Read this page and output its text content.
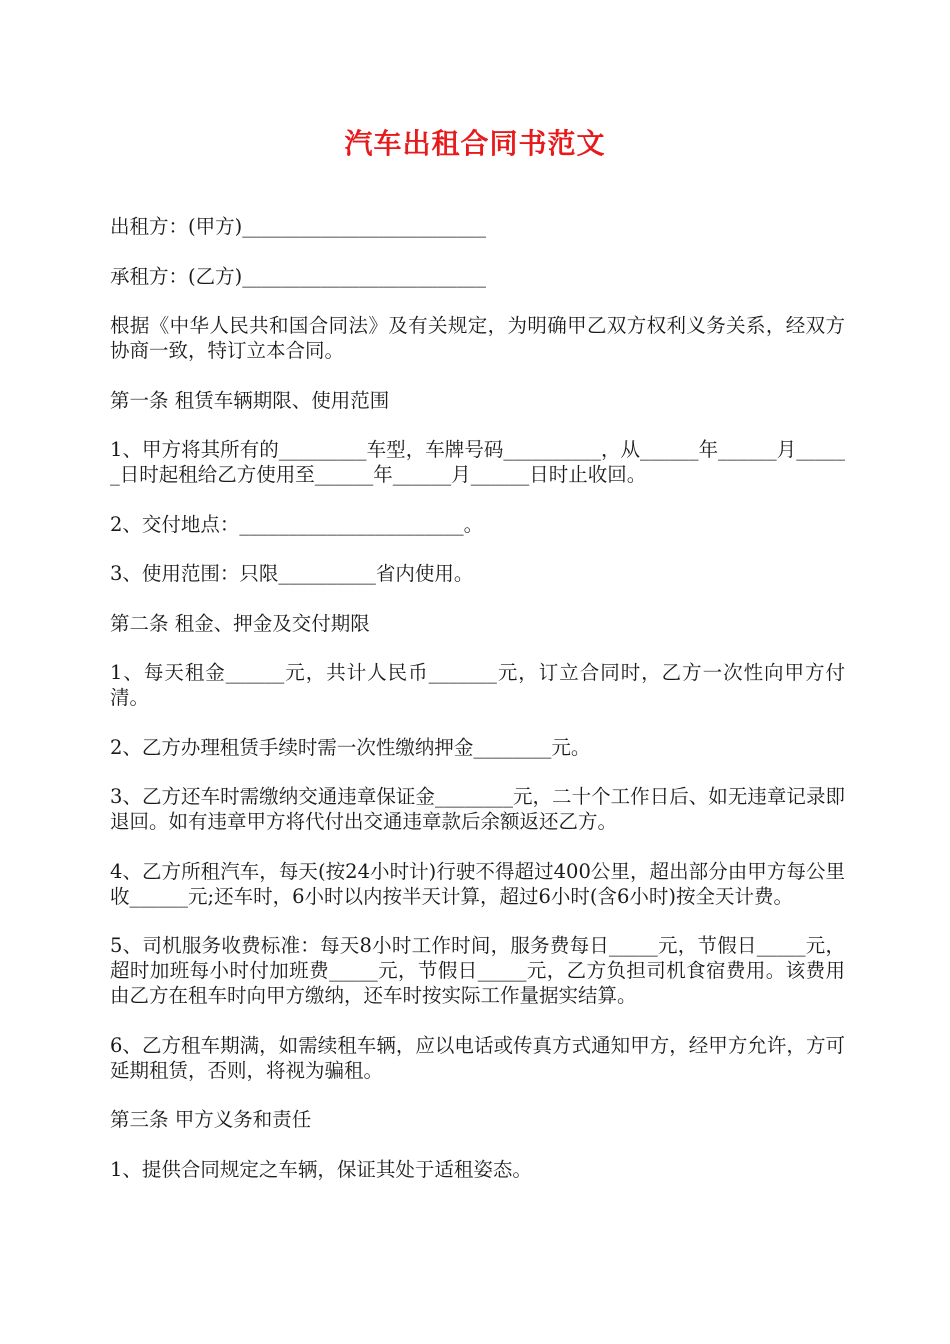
汽车出租合同书范文

出租方：(甲方)_________________________

承租方：(乙方)_________________________

根据《中华人民共和国合同法》及有关规定，为明确甲乙双方权利义务关系，经双方协商一致，特订立本合同。

第一条 租赁车辆期限、使用范围

1、甲方将其所有的_________车型，车牌号码__________，从______年______月______日时起租给乙方使用至______年______月______日时止收回。

2、交付地点：_______________________。

3、使用范围：只限__________省内使用。

第二条 租金、押金及交付期限

1、每天租金______元，共计人民币_______元，订立合同时，乙方一次性向甲方付清。

2、乙方办理租赁手续时需一次性缴纳押金________元。

3、乙方还车时需缴纳交通违章保证金________元，二十个工作日后、如无违章记录即退回。如有违章甲方将代付出交通违章款后余额返还乙方。

4、乙方所租汽车，每天(按24小时计)行驶不得超过400公里，超出部分由甲方每公里收______元;还车时，6小时以内按半天计算，超过6小时(含6小时)按全天计费。

5、司机服务收费标准：每天8小时工作时间，服务费每日_____元，节假日_____元，超时加班每小时付加班费_____元，节假日_____元，乙方负担司机食宿费用。该费用由乙方在租车时向甲方缴纳，还车时按实际工作量据实结算。

6、乙方租车期满，如需续租车辆，应以电话或传真方式通知甲方，经甲方允许，方可延期租赁，否则，将视为骗租。

第三条 甲方义务和责任

1、提供合同规定之车辆，保证其处于适租姿态。
